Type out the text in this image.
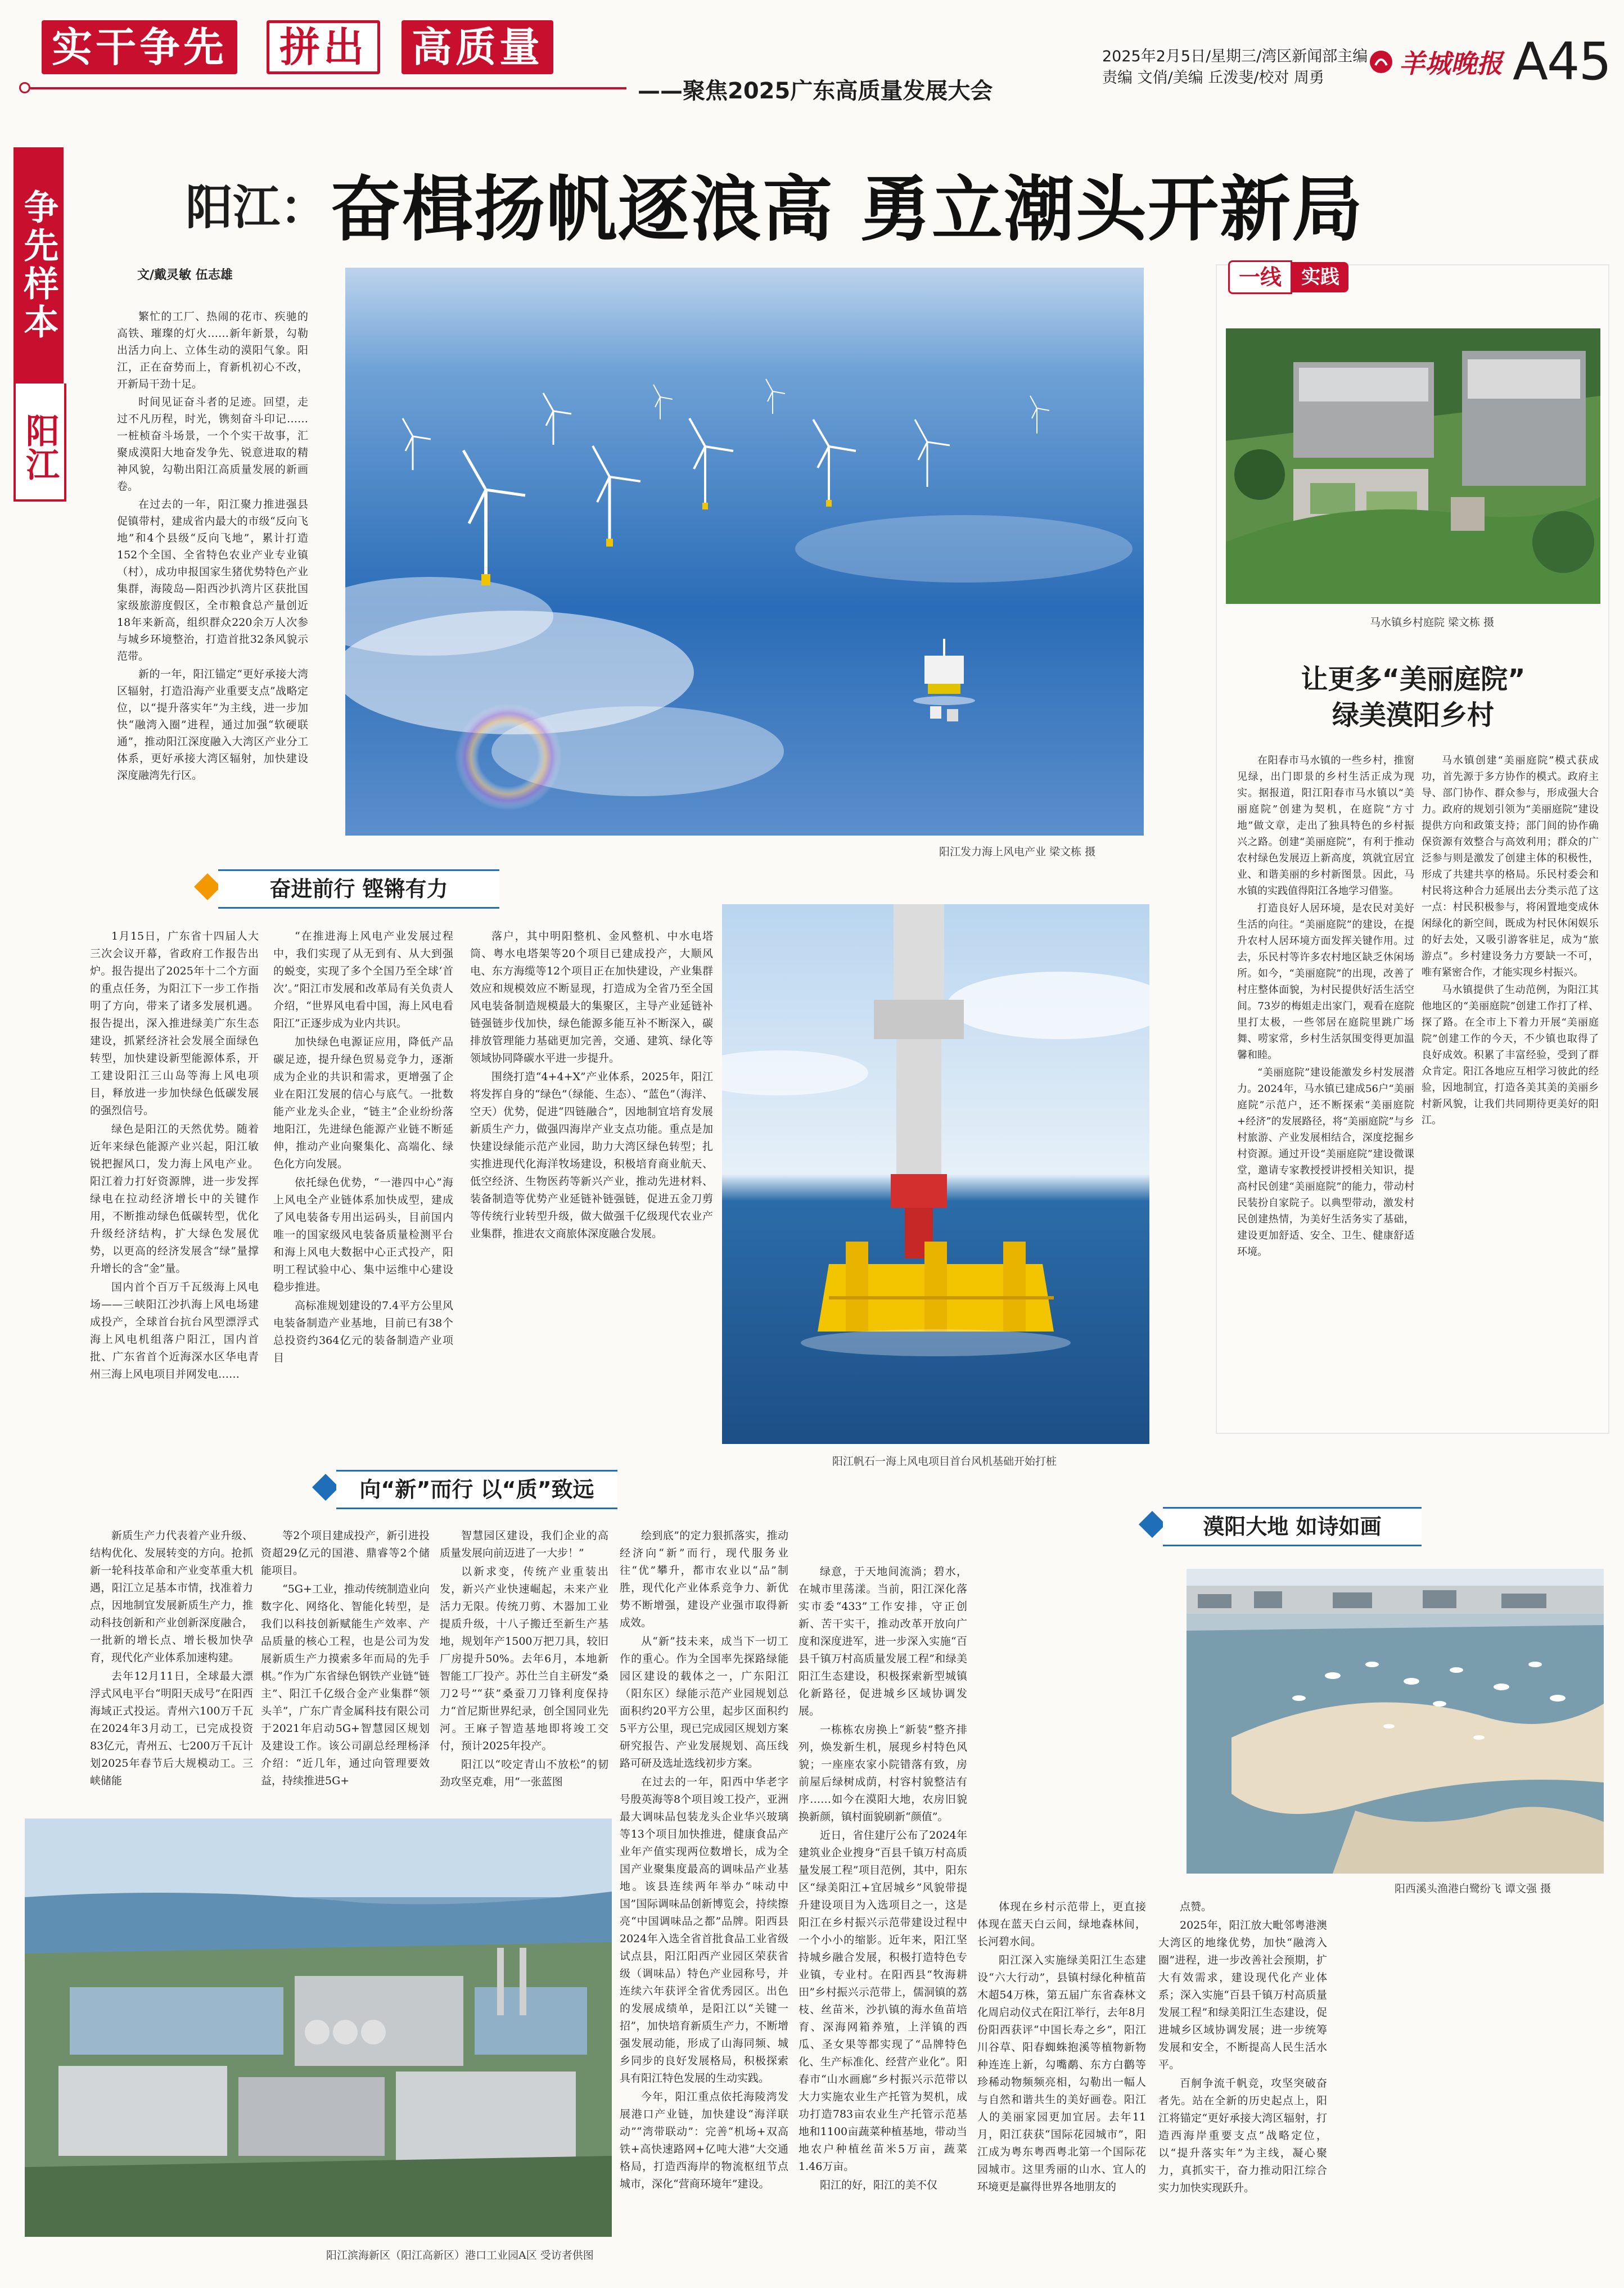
实干争先	拼出	高质量
——聚焦2025广东高质量发展大会
2025年2月5日/星期三/湾区新闻部主编
责编 文俏/美编 丘泼斐/校对 周勇	羊城晚报 A45
争先样本
阳江
阳江： 奋楫扬帆逐浪高 勇立潮头开新局
文/戴灵敏 伍志雄

繁忙的工厂、热闹的花市、疾驰的高铁、璀璨的灯火……新年新景，勾勒出活力向上、立体生动的漠阳气象。阳江，正在奋势而上，育新机初心不改，开新局干劲十足。

时间见证奋斗者的足迹。回望，走过不凡历程，时光，镌刻奋斗印记……一桩桢奋斗场景，一个个实干故事，汇聚成漠阳大地奋发争先、锐意进取的精神风貌，勾勒出阳江高质量发展的新画卷。

在过去的一年，阳江聚力推进强县促镇带村，建成省内最大的市级“反向飞地”和4个县级“反向飞地”，累计打造152个全国、全省特色农业产业专业镇（村），成功申报国家生猪优势特色产业集群，海陵岛—阳西沙扒湾片区获批国家级旅游度假区，全市粮食总产量创近18年来新高，组织群众220余万人次参与城乡环境整治，打造首批32条风貌示范带。

新的一年，阳江锚定“更好承接大湾区辐射，打造沿海产业重要支点”战略定位，以“提升落实年”为主线，进一步加快“融湾入圈”进程，通过加强“软硬联通”，推动阳江深度融入大湾区产业分工体系，更好承接大湾区辐射，加快建设深度融湾先行区。

阳江发力海上风电产业 梁文栋 摄
一线	实践
马水镇乡村庭院 梁文栋 摄
让更多“美丽庭院”
绿美漠阳乡村

在阳春市马水镇的一些乡村，推窗见绿，出门即景的乡村生活正成为现实。据报道，阳江阳春市马水镇以“美丽庭院”创建为契机，在庭院“方寸地”做文章，走出了独具特色的乡村振兴之路。创建“美丽庭院”，有利于推动农村绿色发展迈上新高度，筑就宜居宜业、和谐美丽的乡村新图景。因此，马水镇的实践值得阳江各地学习借鉴。

打造良好人居环境，是农民对美好生活的向往。“美丽庭院”的建设，在提升农村人居环境方面发挥关键作用。过去，乐民村等许多农村地区缺乏休闲场所。如今，“美丽庭院”的出现，改善了村庄整体面貌，为村民提供好活生活空间。73岁的梅姐走出家门，观看在庭院里打太极，一些邻居在庭院里跳广场舞、唠家常，乡村生活氛围变得更加温馨和睦。

“美丽庭院”建设能激发乡村发展潜力。2024年，马水镇已建成56户“美丽庭院”示范户，还不断探索“美丽庭院+经济”的发展路径，将“美丽庭院”与乡村旅游、产业发展相结合，深度挖掘乡村资源。通过开设“美丽庭院”建设微课堂，邀请专家教授授讲授相关知识，提高村民创建“美丽庭院”的能力，带动村民装扮自家院子。以典型带动，激发村民创建热情，为美好生活务实了基础，建设更加舒适、安全、卫生、健康舒适环境。

马水镇创建“美丽庭院”模式获成功，首先源于多方协作的模式。政府主导、部门协作、群众参与，形成强大合力。政府的规划引领为“美丽庭院”建设提供方向和政策支持；部门间的协作确保资源有效整合与高效利用；群众的广泛参与则是激发了创建主体的积极性，形成了共建共享的格局。乐民村委会和村民将这种合力延展出去分类示范了这一点：村民积极参与，将闲置地变成休闲绿化的新空间，既成为村民休闲娱乐的好去处，又吸引游客驻足，成为“旅游点”。乡村建设务力方要缺一不可，唯有紧密合作，才能实现乡村振兴。

马水镇提供了生动范例，为阳江其他地区的“美丽庭院”创建工作打了样、探了路。在全市上下着力开展“美丽庭院”创建工作的今天，不少镇也取得了良好成效。积累了丰富经验，受到了群众肯定。阳江各地应互相学习彼此的经验，因地制宜，打造各美其美的美丽乡村新风貌，让我们共同期待更美好的阳江。

奋进前行 铿锵有力

1月15日，广东省十四届人大三次会议开幕，省政府工作报告出炉。报告提出了2025年十二个方面的重点任务，为阳江下一步工作指明了方向，带来了诸多发展机遇。报告提出，深入推进绿美广东生态建设，抓紧经济社会发展全面绿色转型，加快建设新型能源体系，开工建设阳江三山岛等海上风电项目，释放进一步加快绿色低碳发展的强烈信号。

绿色是阳江的天然优势。随着近年来绿色能源产业兴起，阳江敏锐把握风口，发力海上风电产业。阳江着力打好资源牌，进一步发挥绿电在拉动经济增长中的关键作用，不断推动绿色低碳转型，优化升级经济结构，扩大绿色发展优势，以更高的经济发展含“绿”量撑升增长的含“金”量。

国内首个百万千瓦级海上风电场——三峡阳江沙扒海上风电场建成投产，全球首台抗台风型漂浮式海上风电机组落户阳江，国内首批、广东省首个近海深水区华电青州三海上风电项目并网发电……

“在推进海上风电产业发展过程中，我们实现了从无到有、从大到强的蜕变，实现了多个全国乃至全球‘首次’。”阳江市发展和改革局有关负责人介绍，“世界风电看中国，海上风电看阳江”正逐步成为业内共识。

加快绿色电源证应用，降低产品碳足迹，提升绿色贸易竞争力，逐渐成为企业的共识和需求，更增强了企业在阳江发展的信心与底气。一批数能产业龙头企业，“链主”企业纷纷落地阳江，先进绿色能源产业链不断延伸，推动产业向聚集化、高端化、绿色化方向发展。

依托绿色优势，“一港四中心”海上风电全产业链体系加快成型，建成了风电装备专用出运码头，目前国内唯一的国家级风电装备质量检测平台和海上风电大数据中心正式投产，阳明工程试验中心、集中运维中心建设稳步推进。

高标准规划建设的7.4平方公里风电装备制造产业基地，目前已有38个总投资约364亿元的装备制造产业项目

落户，其中明阳整机、金风整机、中水电塔筒、粤水电塔架等20个项目已建成投产，大顺风电、东方海缆等12个项目正在加快建设，产业集群效应和规模效应不断显现，打造成为全省乃至全国风电装备制造规模最大的集聚区，主导产业延链补链强链步伐加快，绿色能源多能互补不断深入，碳排放管理能力基础更加完善，交通、建筑、绿化等领域协同降碳水平进一步提升。

围绕打造“4+4+X”产业体系，2025年，阳江将发挥自身的“绿色”（绿能、生态）、“蓝色”（海洋、空天）优势，促进“四链融合”，因地制宜培育发展新质生产力，做强四海岸产业支点功能。重点是加快建设绿能示范产业园，助力大湾区绿色转型；扎实推进现代化海洋牧场建设，积极培育商业航天、低空经济、生物医药等新兴产业，推动先进材料、装备制造等优势产业延链补链强链，促进五金刀剪等传统行业转型升级，做大做强千亿级现代农业产业集群，推进农文商旅体深度融合发展。

阳江帆石一海上风电项目首台风机基础开始打桩
向“新”而行 以“质”致远

新质生产力代表着产业升级、结构优化、发展转变的方向。抢抓新一轮科技革命和产业变革重大机遇，阳江立足基本市情，找准着力点，因地制宜发展新质生产力，推动科技创新和产业创新深度融合，一批新的增长点、增长极加快孕育，现代化产业体系加速构建。

去年12月11日，全球最大漂浮式风电平台“明阳天成号”在阳西海域正式投运。青州六100万千瓦在2024年3月动工，已完成投资83亿元，青州五、七200万千瓦计划2025年春节后大规模动工。三峡储能

等2个项目建成投产，新引进投资超29亿元的国港、鼎睿等2个储能项目。

“5G+工业，推动传统制造业向数字化、网络化、智能化转型，是我们以科技创新赋能生产效率、产品质量的核心工程，也是公司为发展新质生产力摸索多年而局的先手棋。”作为广东省绿色钢铁产业链“链主”、阳江千亿级合金产业集群“领头羊”，广东广青金属科技有限公司于2021年启动5G+智慧园区规划及建设工作。该公司副总经理杨泽介绍：“近几年，通过向管理要效益，持续推进5G+

智慧园区建设，我们企业的高质量发展向前迈进了一大步！”

以新求变，传统产业重装出发，新兴产业快速崛起，未来产业活力无限。传统刀剪、木器加工业提质升级，十八子搬迁至新生产基地，规划年产1500万把刀具，较旧厂房提升50%。去年6月，本地新智能工厂投产。苏仕兰自主研发“桑刀2号”“获”桑蚕刀刀锋利度保持力“首尼斯世界纪录，创全国同业先河。王麻子智造基地即将竣工交付，预计2025年投产。

阳江以“咬定青山不放松”的韧劲攻坚克难，用“一张蓝图

绘到底”的定力狠抓落实，推动经济向“新”而行，现代服务业往“优”攀升，都市农业以“品”制胜，现代化产业体系竞争力、新优势不断增强，建设产业强市取得新成效。

从“新”技未来，成当下一切工作的重心。作为全国率先探路绿能园区建设的载体之一，广东阳江（阳东区）绿能示范产业园规划总面积约20平方公里，起步区面积约5平方公里，现已完成园区规划方案研究报告、产业发展规划、高压线路可研及选址选线初步方案。

在过去的一年，阳西中华老字号殷英海等8个项目竣工投产，亚洲最大调味品包装龙头企业华兴玻璃等13个项目加快推进，健康食品产业年产值实现两位数增长，成为全国产业聚集度最高的调味品产业基地。该县连续两年举办“味动中国”国际调味品创新博览会，持续擦亮“中国调味品之都”品牌。阳西县2024年入选全省首批食品工业省级试点县，阳江阳西产业园区荣获省级（调味品）特色产业园称号，并连续六年获评全省优秀园区。出色的发展成绩单，是阳江以“关键一招”，加快培育新质生产力，不断增强发展动能，形成了山海同频、城乡同步的良好发展格局，积极探索具有阳江特色发展的生动实践。

今年，阳江重点依托海陵湾发展港口产业链，加快建设“海洋联动”“湾带联动”：完善“机场+双高铁+高快速路网+亿吨大港”大交通格局，打造西海岸的物流枢纽节点城市，深化“营商环境年”建设。

阳江滨海新区（阳江高新区）港口工业园A区 受访者供图
漠阳大地 如诗如画

绿意，于天地间流淌；碧水，在城市里荡漾。当前，阳江深化落实市委“433”工作安排，守正创新、苦干实干，推动改革开放向广度和深度进军，进一步深入实施“百县千镇万村高质量发展工程”和绿美阳江生态建设，积极探索新型城镇化新路径，促进城乡区域协调发展。

一栋栋农房换上“新装”整齐排列，焕发新生机，展现乡村特色风貌；一座座农家小院错落有致，房前屋后绿树成荫，村容村貌整洁有序……如今在漠阳大地，农房旧貌换新颜，镇村面貌刷新“颜值”。

近日，省住建厅公布了2024年建筑业企业搜身“百县千镇万村高质量发展工程”项目范例，其中，阳东区“绿美阳江+宜居城乡”风貌带提升建设项目为入选项目之一，这是阳江在乡村振兴示范带建设过程中一个小小的缩影。近年来，阳江坚持城乡融合发展，积极打造特色专业镇，专业村。在阳西县“牧海耕田”乡村振兴示范带上，儒洞镇的荔枝、丝苗米，沙扒镇的海水鱼苗培育、深海网箱养殖，上洋镇的西瓜、圣女果等都实现了“品牌特色化、生产标准化、经营产业化”。阳春市“山水画廊”乡村振兴示范带以大力实施农业生产托管为契机，成功打造783亩农业生产托管示范基地和1100亩蔬菜种植基地，带动当地农户种植丝苗米5万亩，蔬菜1.46万亩。

阳江的好，阳江的美不仅

阳西溪头渔港白鹭纷飞 谭文强 摄

体现在乡村示范带上，更直接体现在蓝天白云间，绿地森林间，长河碧水间。

阳江深入实施绿美阳江生态建设“六大行动”，县镇村绿化种植苗木超54万株，第五届广东省森林文化周启动仪式在阳江举行，去年8月份阳西获评“中国长寿之乡”，阳江川谷草、阳春蜘蛛抱溪等植物新物种连连上新，勾嘴鹬、东方白鹳等珍稀动物频频亮相，勾勒出一幅人与自然和谐共生的美好画卷。阳江人的美丽家园更加宜居。去年11月，阳江获获“国际花园城市”，阳江成为粤东粤西粤北第一个国际花园城市。这里秀丽的山水、宜人的环境更是赢得世界各地朋友的

点赞。

2025年，阳江放大毗邻粤港澳大湾区的地缘优势，加快“融湾入圈”进程，进一步改善社会预期，扩大有效需求，建设现代化产业体系；深入实施“百县千镇万村高质量发展工程”和绿美阳江生态建设，促进城乡区域协调发展；进一步统筹发展和安全，不断提高人民生活水平。

百舸争流千帆竞，攻坚突破奋者先。站在全新的历史起点上，阳江将锚定“更好承接大湾区辐射，打造西海岸重要支点”战略定位，以“提升落实年”为主线，凝心聚力，真抓实干，奋力推动阳江综合实力加快实现跃升。
